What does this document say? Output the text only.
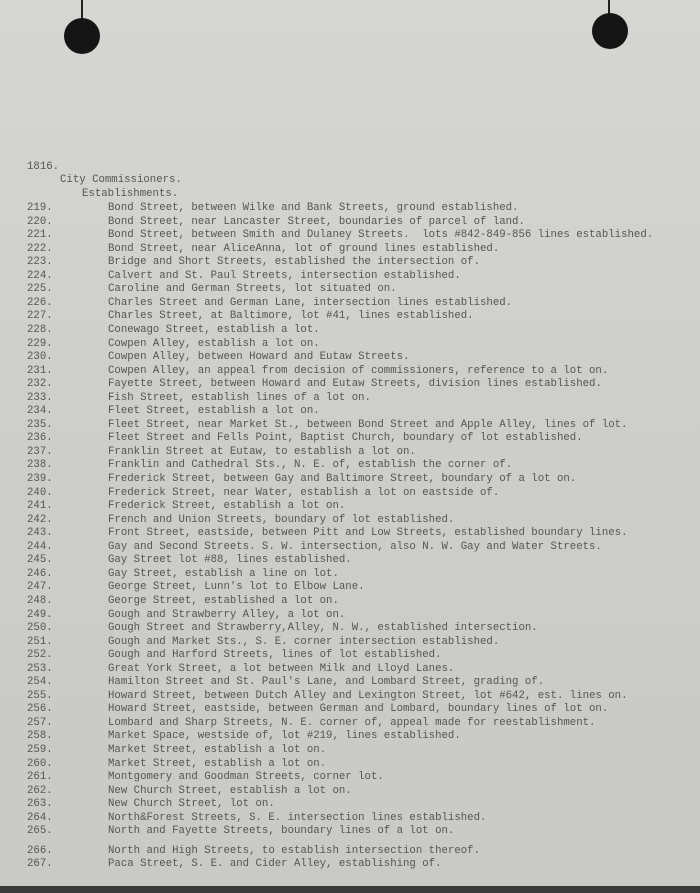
1816.
City Commissioners.
Establishments.
219.	Bond Street, between Wilke and Bank Streets, ground established.
220.	Bond Street, near Lancaster Street, boundaries of parcel of land.
221.	Bond Street, between Smith and Dulaney Streets.  lots #842-849-856 lines established.
222.	Bond Street, near AliceAnna, lot of ground lines established.
223.	Bridge and Short Streets, established the intersection of.
224.	Calvert and St. Paul Streets, intersection established.
225.	Caroline and German Streets, lot situated on.
226.	Charles Street and German Lane, intersection lines established.
227.	Charles Street, at Baltimore, lot #41, lines established.
228.	Conewago Street, establish a lot.
229.	Cowpen Alley, establish a lot on.
230.	Cowpen Alley, between Howard and Eutaw Streets.
231.	Cowpen Alley, an appeal from decision of commissioners, reference to a lot on.
232.	Fayette Street, between Howard and Eutaw Streets, division lines established.
233.	Fish Street, establish lines of a lot on.
234.	Fleet Street, establish a lot on.
235.	Fleet Street, near Market St., between Bond Street and Apple Alley, lines of lot.
236.	Fleet Street and Fells Point, Baptist Church, boundary of lot established.
237.	Franklin Street at Eutaw, to establish a lot on.
238.	Franklin and Cathedral Sts., N. E. of, establish the corner of.
239.	Frederick Street, between Gay and Baltimore Street, boundary of a lot on.
240.	Frederick Street, near Water, establish a lot on eastside of.
241.	Frederick Street, establish a lot on.
242.	French and Union Streets, boundary of lot established.
243.	Front Street, eastside, between Pitt and Low Streets, established boundary lines.
244.	Gay and Second Streets. S. W. intersection, also N. W. Gay and Water Streets.
245.	Gay Street lot #88, lines established.
246.	Gay Street, establish a line on lot.
247.	George Street, Lunn's lot to Elbow Lane.
248.	George Street, established a lot on.
249.	Gough and Strawberry Alley, a lot on.
250.	Gough Street and Strawberry,Alley, N. W., established intersection.
251.	Gough and Market Sts., S. E. corner intersection established.
252.	Gough and Harford Streets, lines of lot established.
253.	Great York Street, a lot between Milk and Lloyd Lanes.
254.	Hamilton Street and St. Paul's Lane, and Lombard Street, grading of.
255.	Howard Street, between Dutch Alley and Lexington Street, lot #642, est. lines on.
256.	Howard Street, eastside, between German and Lombard, boundary lines of lot on.
257.	Lombard and Sharp Streets, N. E. corner of, appeal made for reestablishment.
258.	Market Space, westside of, lot #219, lines established.
259.	Market Street, establish a lot on.
260.	Market Street, establish a lot on.
261.	Montgomery and Goodman Streets, corner lot.
262.	New Church Street, establish a lot on.
263.	New Church Street, lot on.
264.	North&Forest Streets, S. E. intersection lines established.
265.	North and Fayette Streets, boundary lines of a lot on.
266.	North and High Streets, to establish intersection thereof.
267.	Paca Street, S. E. and Cider Alley, establishing of.
